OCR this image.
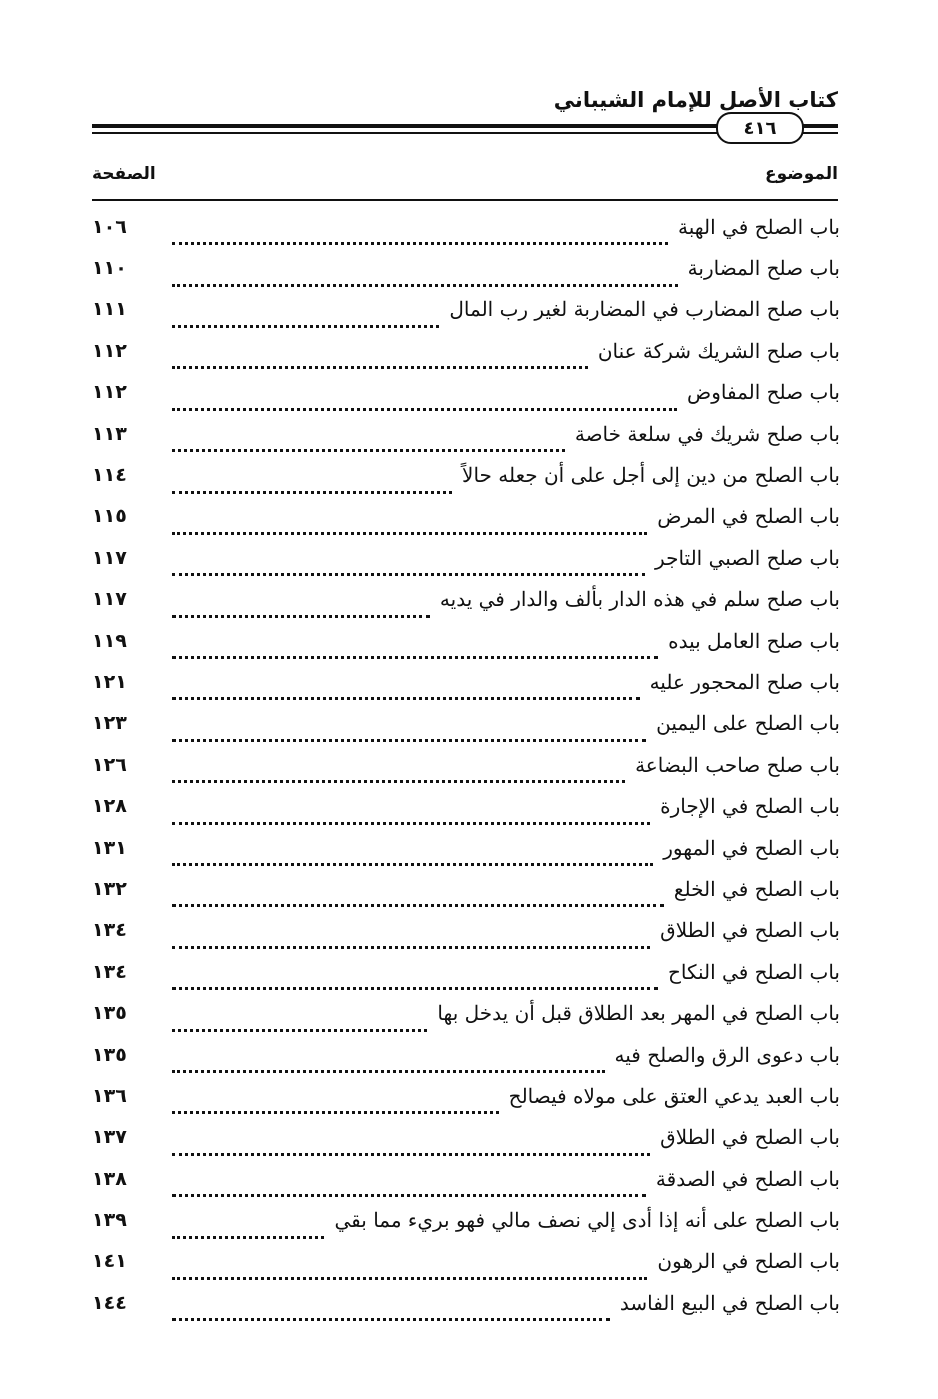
كتاب الأصل للإمام الشيباني
٤١٦
الموضوع
الصفحة
باب الصلح في الهبة
١٠٦
باب صلح المضاربة
١١٠
باب صلح المضارب في المضاربة لغير رب المال
١١١
باب صلح الشريك شركة عنان
١١٢
باب صلح المفاوض
١١٢
باب صلح شريك في سلعة خاصة
١١٣
باب الصلح من دين إلى أجل على أن جعله حالاً
١١٤
باب الصلح في المرض
١١٥
باب صلح الصبي التاجر
١١٧
باب صلح سلم في هذه الدار بألف والدار في يديه
١١٧
باب صلح العامل بيده
١١٩
باب صلح المحجور عليه
١٢١
باب الصلح على اليمين
١٢٣
باب صلح صاحب البضاعة
١٢٦
باب الصلح في الإجارة
١٢٨
باب الصلح في المهور
١٣١
باب الصلح في الخلع
١٣٢
باب الصلح في الطلاق
١٣٤
باب الصلح في النكاح
١٣٤
باب الصلح في المهر بعد الطلاق قبل أن يدخل بها
١٣٥
باب دعوى الرق والصلح فيه
١٣٥
باب العبد يدعي العتق على مولاه فيصالح
١٣٦
باب الصلح في الطلاق
١٣٧
باب الصلح في الصدقة
١٣٨
باب الصلح على أنه إذا أدى إلي نصف مالي فهو بريء مما بقي
١٣٩
باب الصلح في الرهون
١٤١
باب الصلح في البيع الفاسد
١٤٤
